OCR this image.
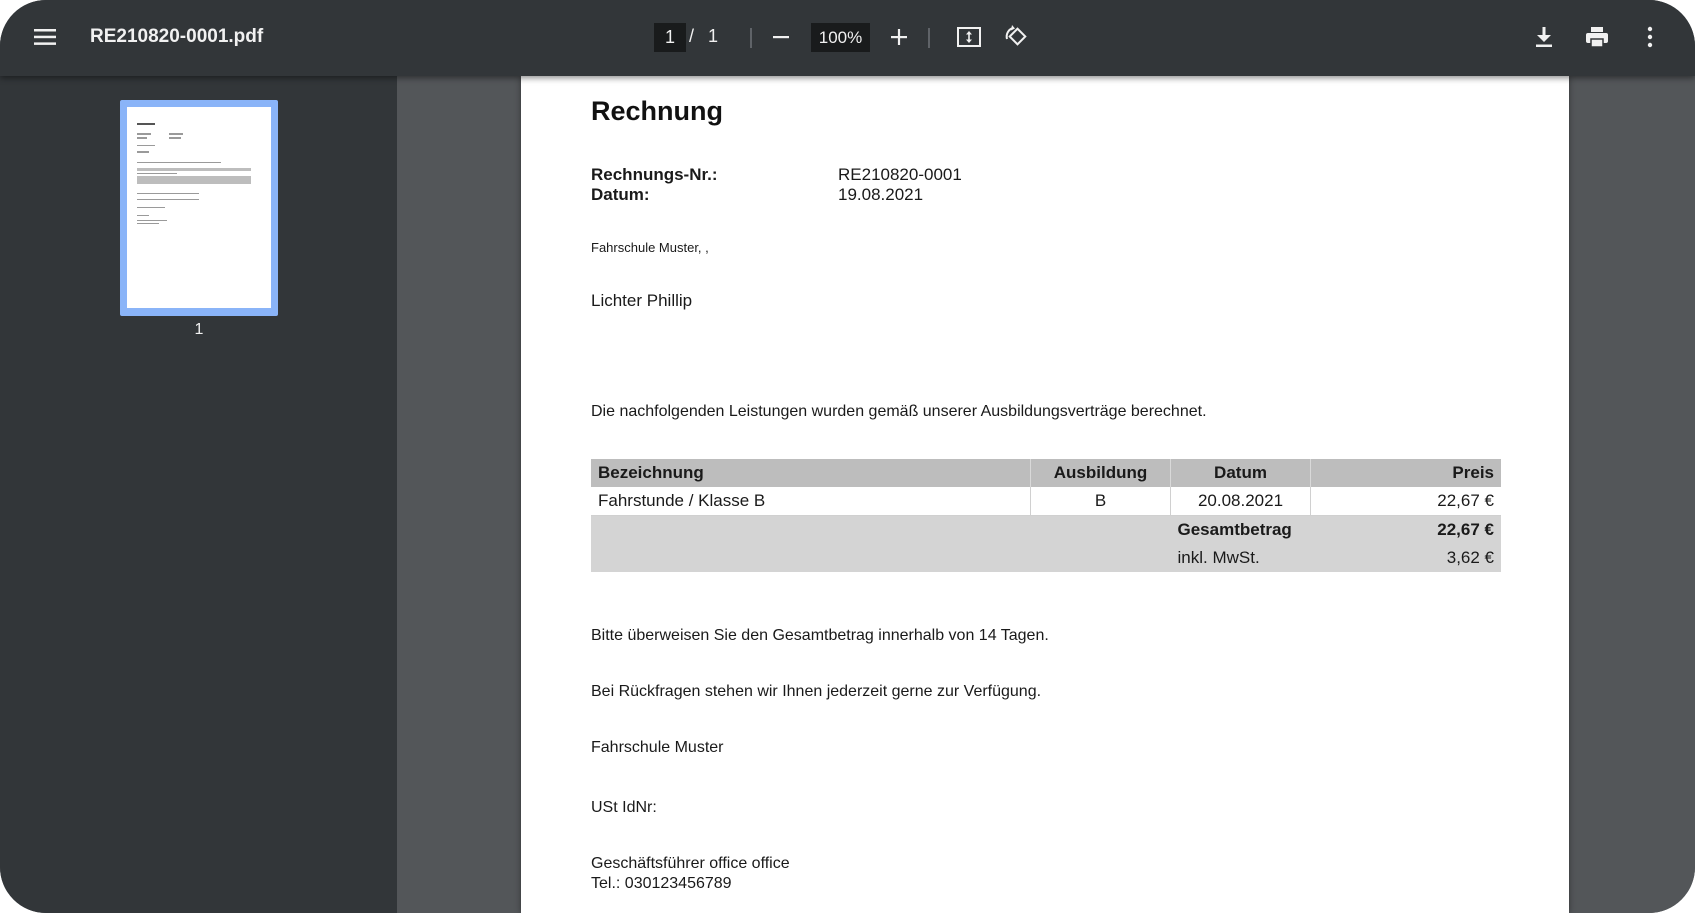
RE210820-0001.pdf	1 / 1	100%
1
Rechnung
Rechnungs-Nr.:	RE210820-0001
Datum:	19.08.2021
Fahrschule Muster, ,
Lichter Phillip
Die nachfolgenden Leistungen wurden gemäß unserer Ausbildungsverträge berechnet.
Bezeichnung	Ausbildung	Datum	Preis
Fahrstunde / Klasse B	B	20.08.2021	22,67 €
		Gesamtbetrag	22,67 €
		inkl. MwSt.	3,62 €
Bitte überweisen Sie den Gesamtbetrag innerhalb von 14 Tagen.
Bei Rückfragen stehen wir Ihnen jederzeit gerne zur Verfügung.
Fahrschule Muster
USt IdNr:
Geschäftsführer office office
Tel.: 030123456789
